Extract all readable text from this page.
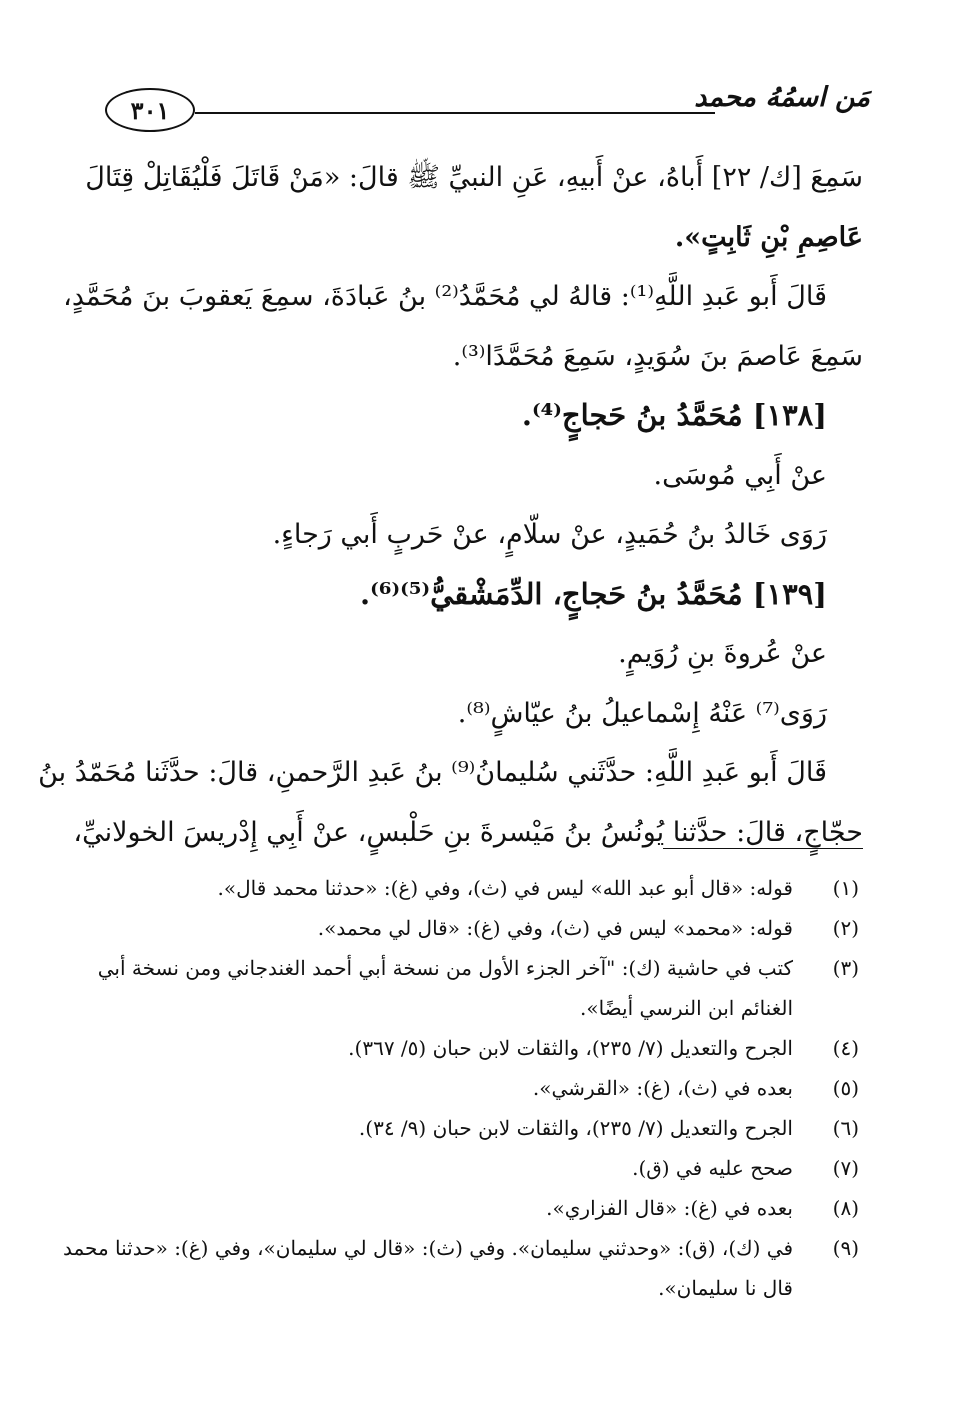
مَن اسمُهُ محمد
٣٠١
سَمِعَ [ك/ ٢٢] أَباهُ، عنْ أَبيهِ، عَنِ النبيِّ ﷺ قالَ: «مَنْ قَاتَلَ فَلْيُقَاتِلْ قِتَالَ
عَاصِمِ بْنِ ثَابِتٍ».
قَالَ أَبو عَبدِ اللَّهِ⁽¹⁾: قالهُ لي مُحَمَّدُ⁽²⁾ بنُ عَبادَةَ، سمِعَ يَعقوبَ بنَ مُحَمَّدٍ،
سَمِعَ عَاصمَ بنَ سُوَيدٍ، سَمِعَ مُحَمَّدًا⁽³⁾.
[١٣٨] مُحَمَّدُ بنُ حَجاجٍ⁽⁴⁾.
عنْ أَبِي مُوسَى.
رَوَى خَالدُ بنُ حُمَيدٍ، عنْ سلّامٍ، عنْ حَربٍ أَبي رَجاءٍ.
[١٣٩] مُحَمَّدُ بنُ حَجاجٍ، الدِّمَشْقيُّ⁽⁵⁾⁽⁶⁾.
عنْ عُروةَ بنِ رُوَيمٍ.
رَوَى⁽⁷⁾ عَنْهُ إِسْماعيلُ بنُ عيّاشٍ⁽⁸⁾.
قَالَ أَبو عَبدِ اللَّهِ: حدَّثَني سُليمانُ⁽⁹⁾ بنُ عَبدِ الرَّحمنِ، قالَ: حدَّثَنا مُحَمّدُ بنُ
حجّاجٍ، قالَ: حدَّثنا يُونُسُ بنُ مَيْسرةَ بنِ حَلْبسٍ، عنْ أَبِي إِدْريسَ الخولانيِّ،
(١)
قوله: «قال أبو عبد الله» ليس في (ث)، وفي (غ): «حدثنا محمد قال».
(٢)
قوله: «محمد» ليس في (ث)، وفي (غ): «قال لي محمد».
(٣)
كتب في حاشية (ك): "آخر الجزء الأول من نسخة أبي أحمد الغندجاني ومن نسخة أبي
الغنائم ابن النرسي أيضًا».
(٤)
الجرح والتعديل (٧/ ٢٣٥)، والثقات لابن حبان (٥/ ٣٦٧).
(٥)
بعده في (ث)، (غ): «القرشي».
(٦)
الجرح والتعديل (٧/ ٢٣٥)، والثقات لابن حبان (٩/ ٣٤).
(٧)
صحح عليه في (ق).
(٨)
بعده في (غ): «قال الفزاري».
(٩)
في (ك)، (ق): «وحدثني سليمان». وفي (ث): «قال لي سليمان»، وفي (غ): «حدثنا محمد
قال نا سليمان».
